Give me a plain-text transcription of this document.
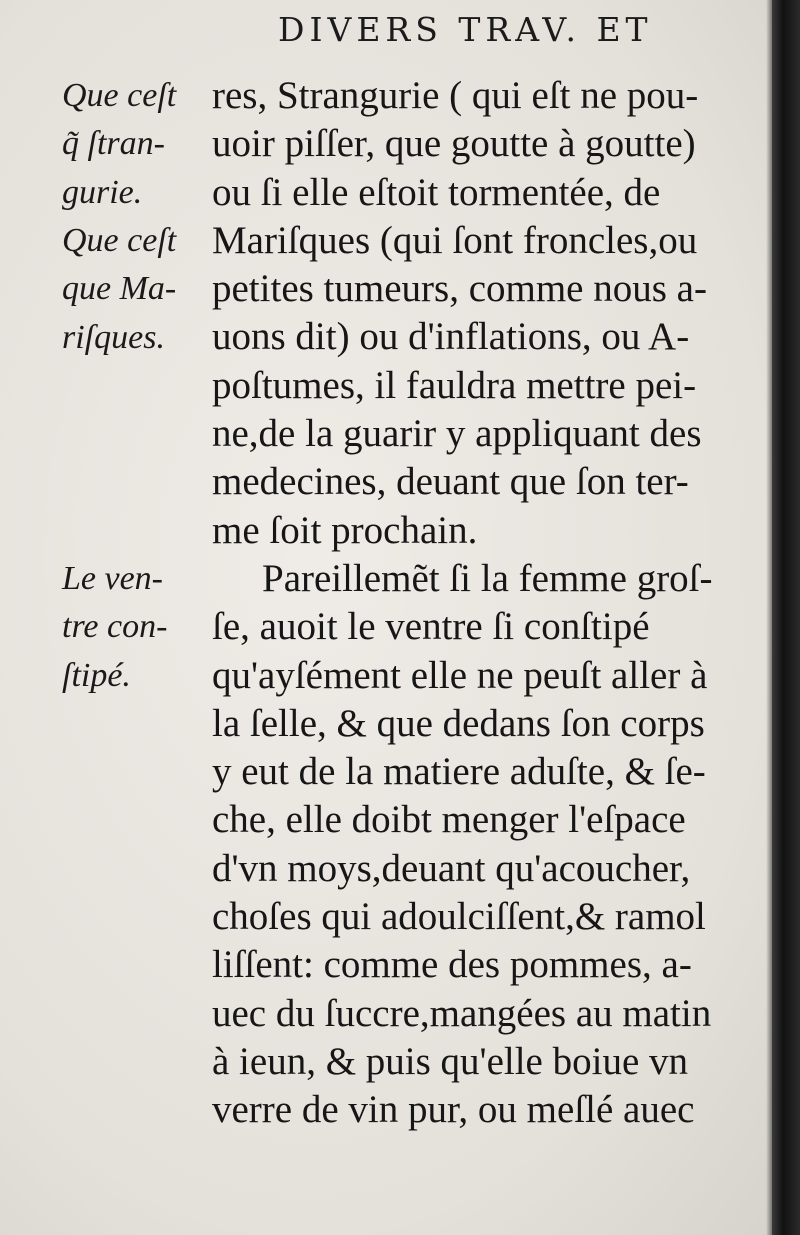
DIVERS TRAV. ET
Que ceſt
q̃ ſtran-
gurie.
Que ceſt
que Ma-
riſques.
Le ven-
tre con-
ſtipé.
res, Strangurie ( qui eſt ne pou-
uoir piſſer, que goutte à goutte)
ou ſi elle eſtoit tormentée, de
Mariſques (qui ſont froncles,ou
petites tumeurs, comme nous a-
uons dit) ou d'inflations, ou A-
poſtumes, il fauldra mettre pei-
ne,de la guarir y appliquant des
medecines, deuant que ſon ter-
me ſoit prochain.
Pareillemẽt ſi la femme groſ-
ſe, auoit le ventre ſi conſtipé
qu'ayſément elle ne peuſt aller à
la ſelle, & que dedans ſon corps
y eut de la matiere aduſte, & ſe-
che, elle doibt menger l'eſpace
d'vn moys,deuant qu'acoucher,
choſes qui adoulciſſent,& ramol
liſſent: comme des pommes, a-
uec du ſuccre,mangées au matin
à ieun, & puis qu'elle boiue vn
verre de vin pur, ou meſlé auec
